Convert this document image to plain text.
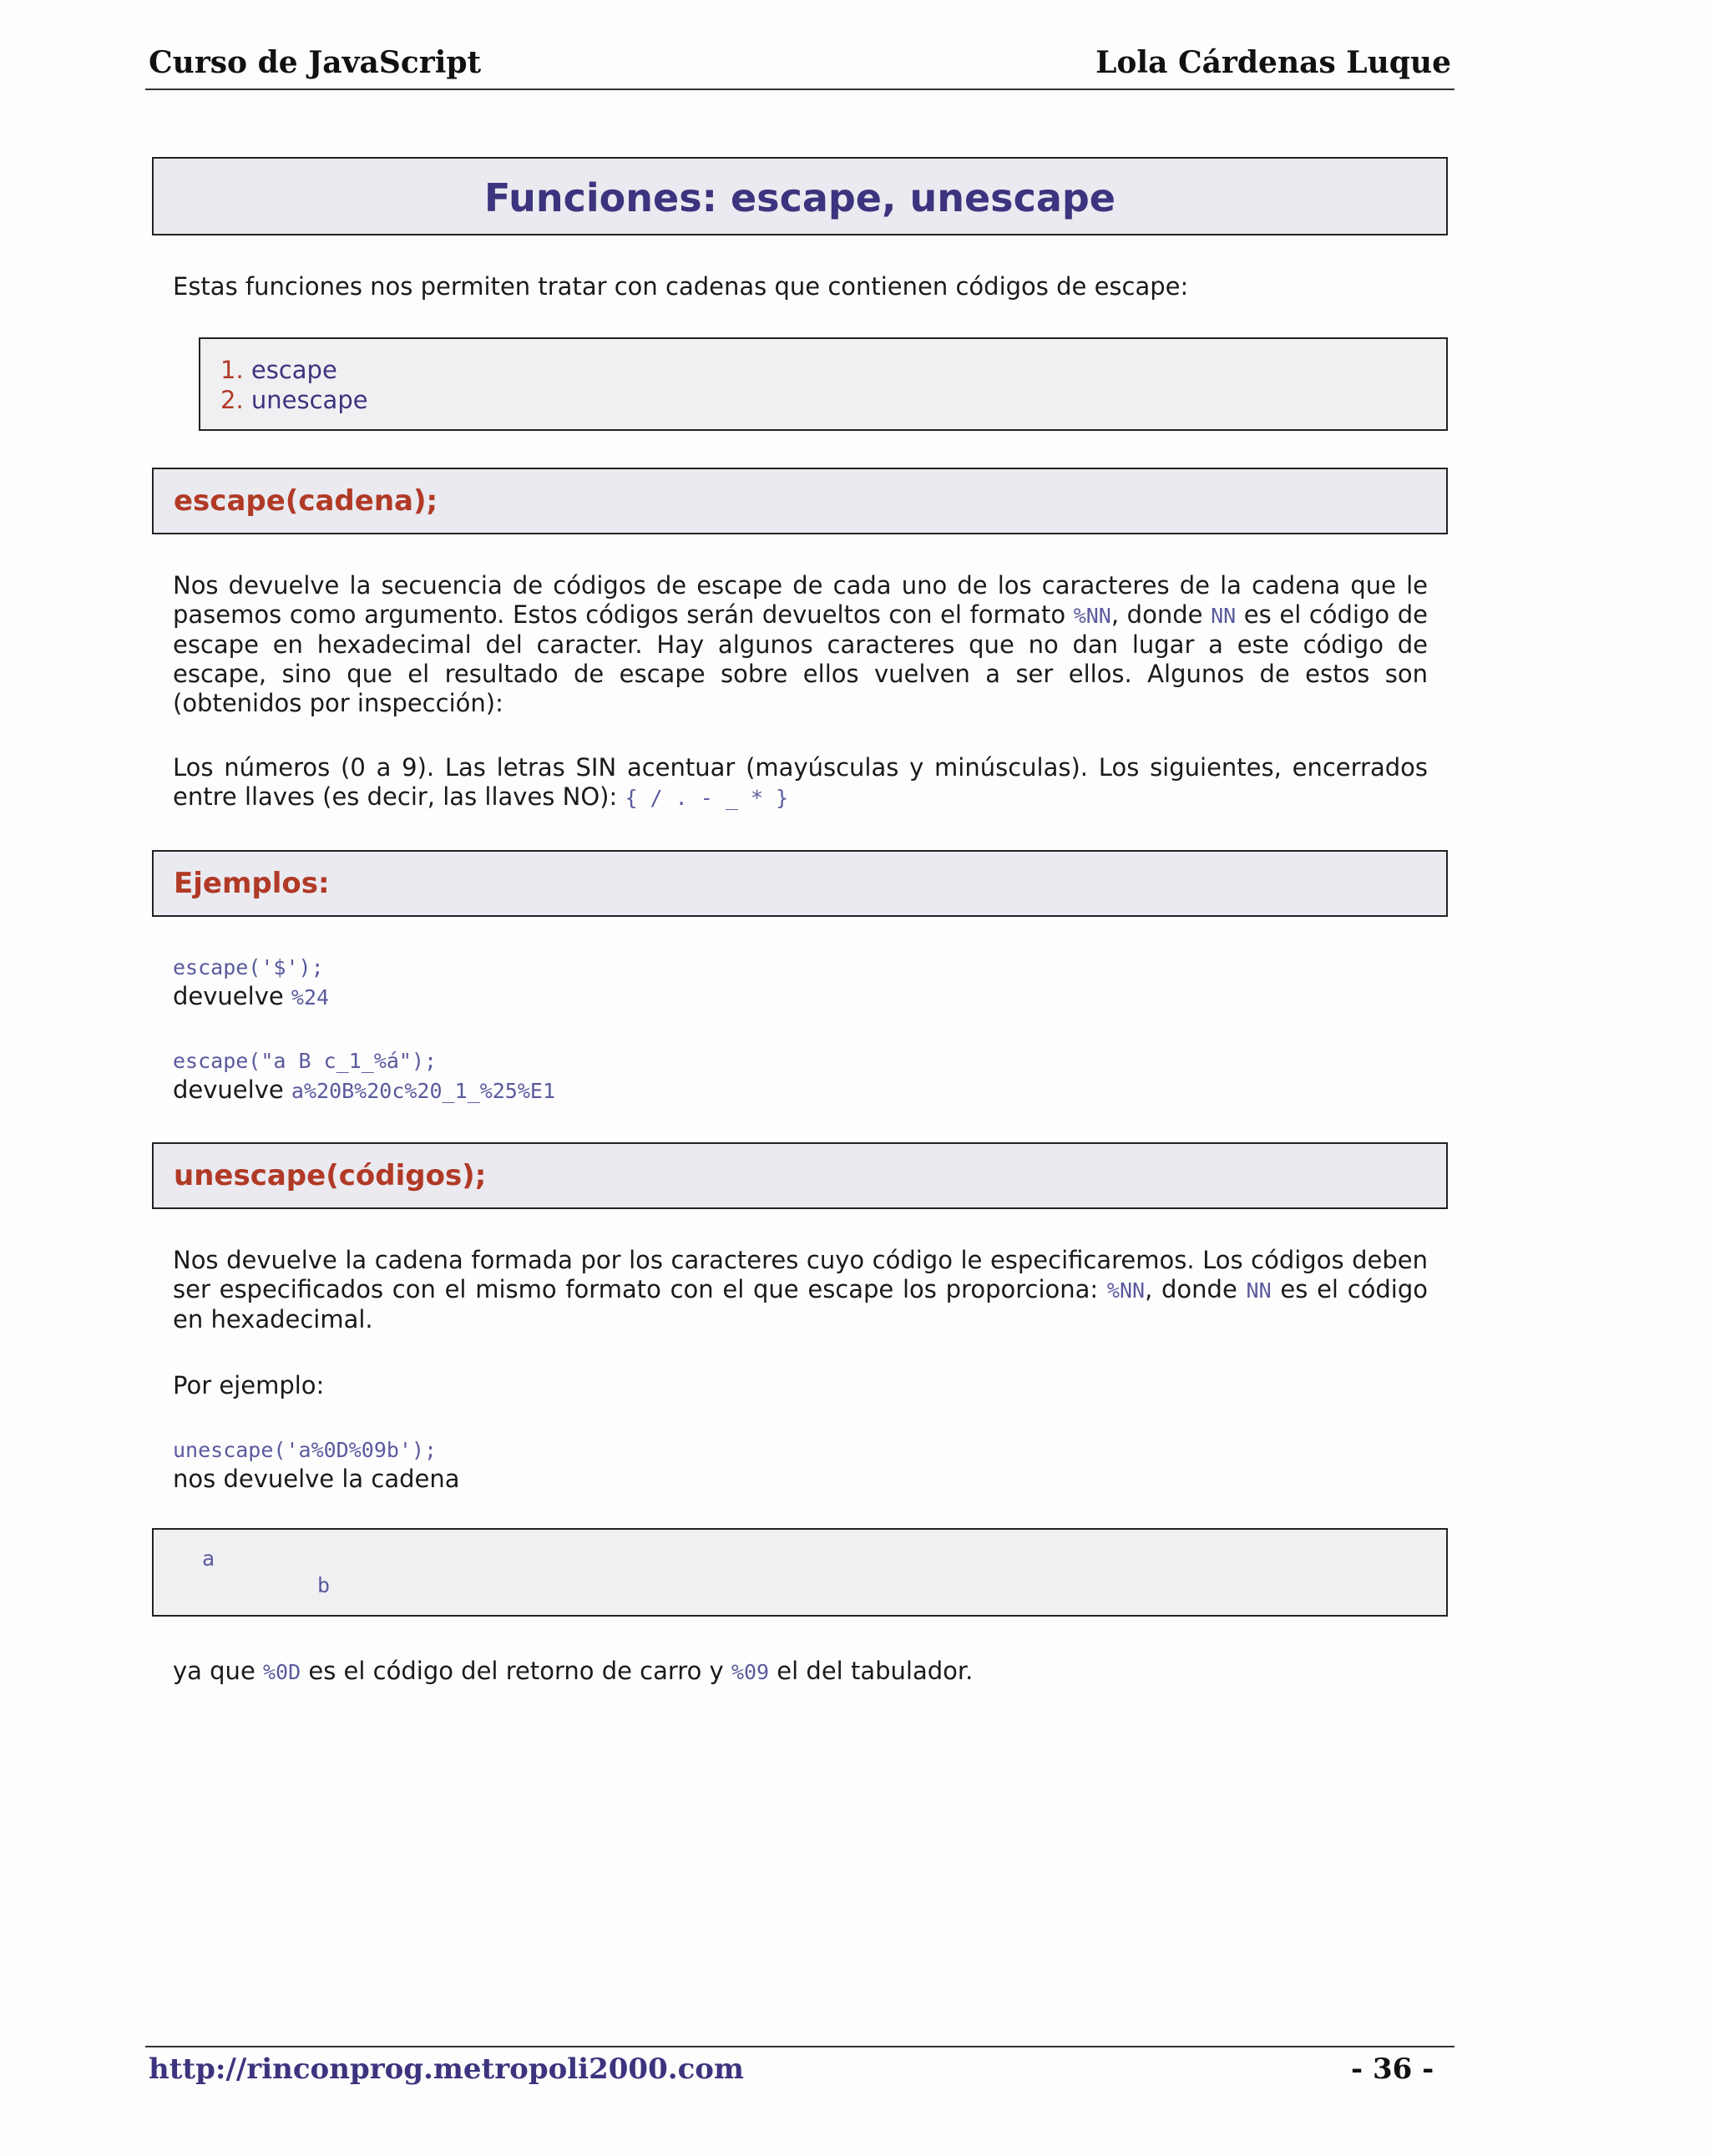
Curso de JavaScript	Lola Cárdenas Luque
Funciones: escape, unescape
Estas funciones nos permiten tratar con cadenas que contienen códigos de escape:
1. escape
2. unescape
escape(cadena);
Nos devuelve la secuencia de códigos de escape de cada uno de los caracteres de la cadena que le pasemos como argumento. Estos códigos serán devueltos con el formato %NN, donde NN es el código de escape en hexadecimal del caracter. Hay algunos caracteres que no dan lugar a este código de escape, sino que el resultado de escape sobre ellos vuelven a ser ellos. Algunos de estos son (obtenidos por inspección):
Los números (0 a 9). Las letras SIN acentuar (mayúsculas y minúsculas). Los siguientes, encerrados entre llaves (es decir, las llaves NO): { / . - _ * }
Ejemplos:
escape('$');
devuelve %24
escape("a B c_1_%á");
devuelve a%20B%20c%20_1_%25%E1
unescape(códigos);
Nos devuelve la cadena formada por los caracteres cuyo código le especificaremos. Los códigos deben ser especificados con el mismo formato con el que escape los proporciona: %NN, donde NN es el código en hexadecimal.
Por ejemplo:
unescape('a%0D%09b');
nos devuelve la cadena
a
b
ya que %0D es el código del retorno de carro y %09 el del tabulador.
http://rinconprog.metropoli2000.com	- 36 -
